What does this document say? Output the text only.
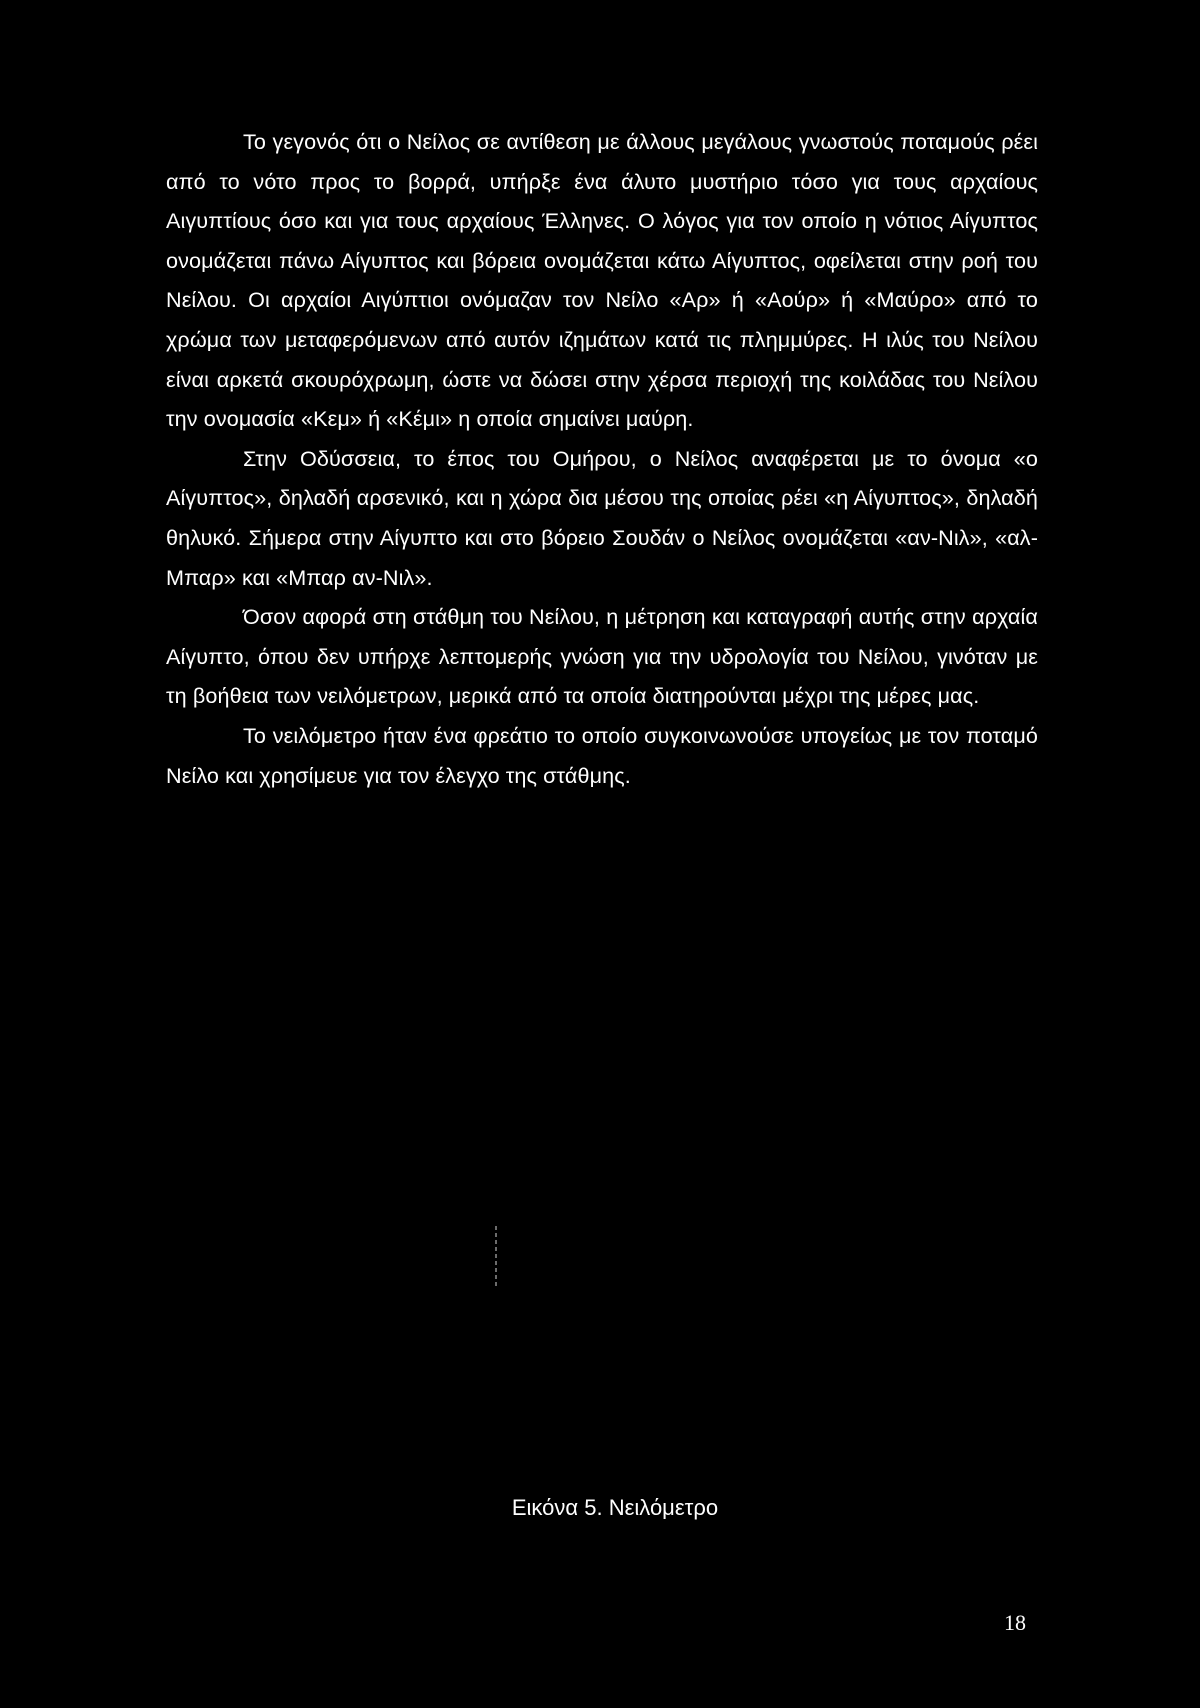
Το γεγονός ότι ο Νείλος σε αντίθεση με άλλους μεγάλους γνωστούς ποταμούς ρέει από το νότο προς το βορρά, υπήρξε ένα άλυτο μυστήριο τόσο για τους αρχαίους Αιγυπτίους όσο και για τους αρχαίους Έλληνες. Ο λόγος για τον οποίο η νότιος Αίγυπτος ονομάζεται πάνω Αίγυπτος και βόρεια ονομάζεται κάτω Αίγυπτος, οφείλεται στην ροή του Νείλου. Οι αρχαίοι Αιγύπτιοι ονόμαζαν τον Νείλο «Αρ» ή «Αούρ» ή «Μαύρο» από το χρώμα των μεταφερόμενων από αυτόν ιζημάτων κατά τις πλημμύρες. Η ιλύς του Νείλου είναι αρκετά σκουρόχρωμη, ώστε να δώσει στην χέρσα περιοχή της κοιλάδας του Νείλου την ονομασία «Κεμ» ή «Κέμι» η οποία σημαίνει μαύρη.

Στην Οδύσσεια, το έπος του Ομήρου, ο Νείλος αναφέρεται με το όνομα «ο Αίγυπτος», δηλαδή αρσενικό, και η χώρα δια μέσου της οποίας ρέει «η Αίγυπτος», δηλαδή θηλυκό. Σήμερα στην Αίγυπτο και στο βόρειο Σουδάν ο Νείλος ονομάζεται «αν-Νιλ», «αλ-Μπαρ» και «Μπαρ αν-Νιλ».

Όσον αφορά στη στάθμη του Νείλου, η μέτρηση και καταγραφή αυτής στην αρχαία Αίγυπτο, όπου δεν υπήρχε λεπτομερής γνώση για την υδρολογία του Νείλου, γινόταν με τη βοήθεια των νειλόμετρων, μερικά από τα οποία διατηρούνται μέχρι της μέρες μας.

Το νειλόμετρο ήταν ένα φρεάτιο το οποίο συγκοινωνούσε υπογείως με τον ποταμό Νείλο και χρησίμευε για τον έλεγχο της στάθμης.

Εικόνα 5. Νειλόμετρο
18
